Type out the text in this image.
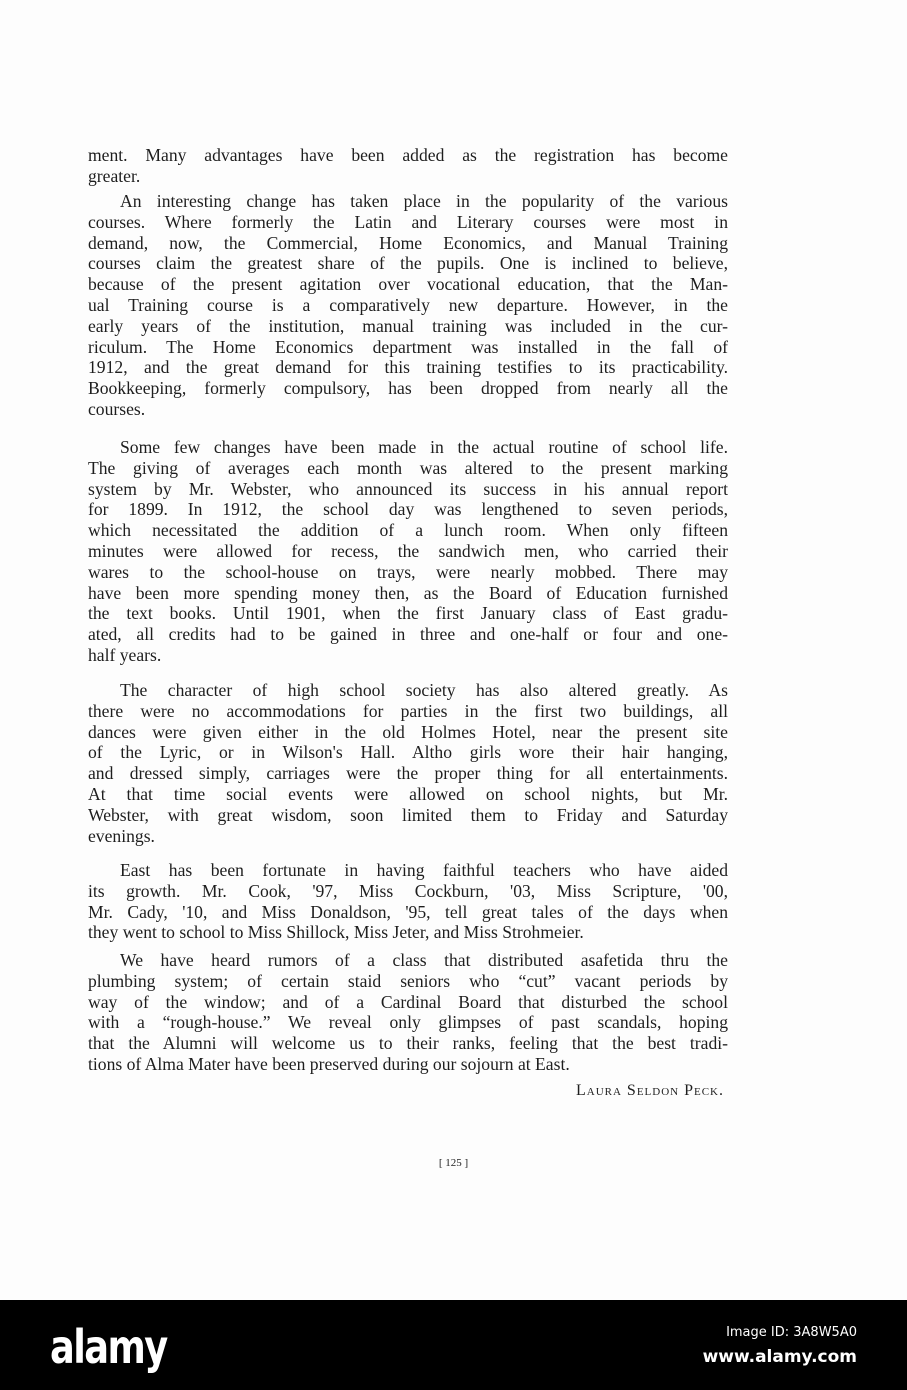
ment. Many advantages have been added as the registration has become
greater.
An interesting change has taken place in the popularity of the various
courses. Where formerly the Latin and Literary courses were most in
demand, now, the Commercial, Home Economics, and Manual Training
courses claim the greatest share of the pupils. One is inclined to believe,
because of the present agitation over vocational education, that the Man-
ual Training course is a comparatively new departure. However, in the
early years of the institution, manual training was included in the cur-
riculum. The Home Economics department was installed in the fall of
1912, and the great demand for this training testifies to its practicability.
Bookkeeping, formerly compulsory, has been dropped from nearly all the
courses.
Some few changes have been made in the actual routine of school life.
The giving of averages each month was altered to the present marking
system by Mr. Webster, who announced its success in his annual report
for 1899. In 1912, the school day was lengthened to seven periods,
which necessitated the addition of a lunch room. When only fifteen
minutes were allowed for recess, the sandwich men, who carried their
wares to the school-house on trays, were nearly mobbed. There may
have been more spending money then, as the Board of Education furnished
the text books. Until 1901, when the first January class of East gradu-
ated, all credits had to be gained in three and one-half or four and one-
half years.
The character of high school society has also altered greatly. As
there were no accommodations for parties in the first two buildings, all
dances were given either in the old Holmes Hotel, near the present site
of the Lyric, or in Wilson's Hall. Altho girls wore their hair hanging,
and dressed simply, carriages were the proper thing for all entertainments.
At that time social events were allowed on school nights, but Mr.
Webster, with great wisdom, soon limited them to Friday and Saturday
evenings.
East has been fortunate in having faithful teachers who have aided
its growth. Mr. Cook, '97, Miss Cockburn, '03, Miss Scripture, '00,
Mr. Cady, '10, and Miss Donaldson, '95, tell great tales of the days when
they went to school to Miss Shillock, Miss Jeter, and Miss Strohmeier.
We have heard rumors of a class that distributed asafetida thru the
plumbing system; of certain staid seniors who “cut” vacant periods by
way of the window; and of a Cardinal Board that disturbed the school
with a “rough-house.” We reveal only glimpses of past scandals, hoping
that the Alumni will welcome us to their ranks, feeling that the best tradi-
tions of Alma Mater have been preserved during our sojourn at East.
Laura Seldon Peck.
[ 125 ]
alamy	Image ID: 3A8W5A0
www.alamy.com
